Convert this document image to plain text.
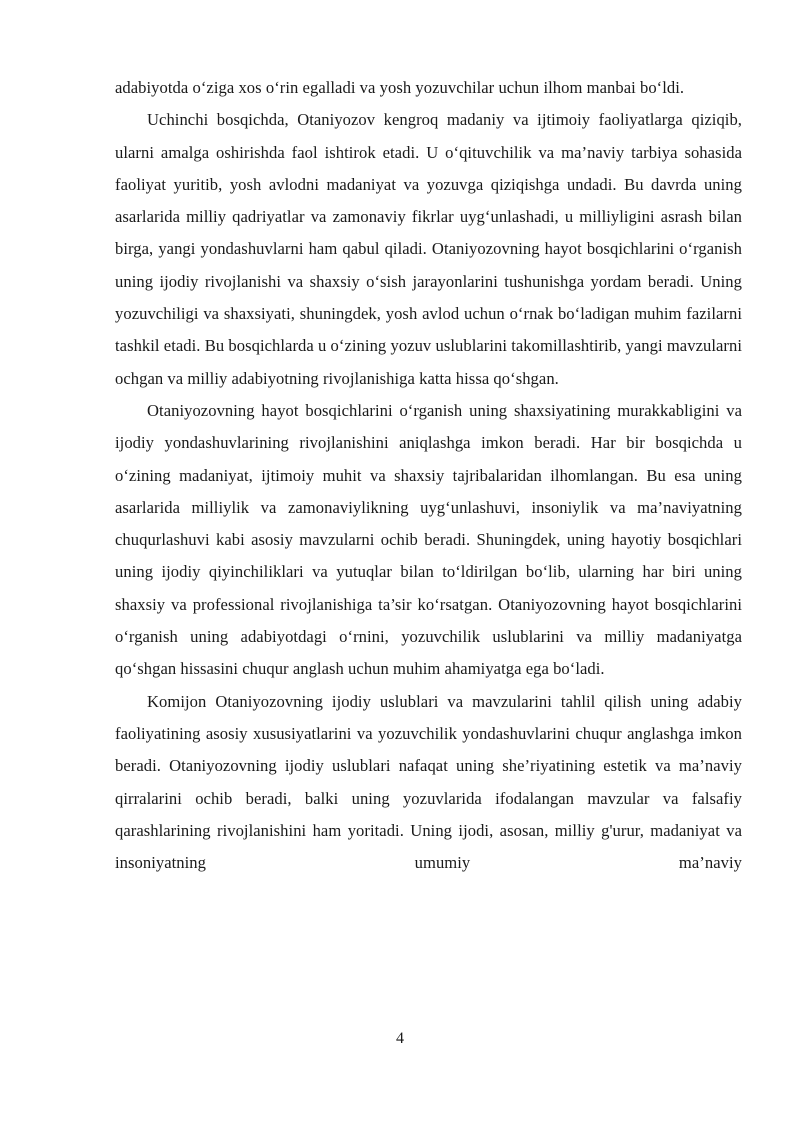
adabiyotda o‘ziga xos o‘rin egalladi va yosh yozuvchilar uchun ilhom manbai bo‘ldi.

Uchinchi bosqichda, Otaniyozov kengroq madaniy va ijtimoiy faoliyatlarga qiziqib, ularni amalga oshirishda faol ishtirok etadi. U o‘qituvchilik va ma’naviy tarbiya sohasida faoliyat yuritib, yosh avlodni madaniyat va yozuvga qiziqishga undadi. Bu davrda uning asarlarida milliy qadriyatlar va zamonaviy fikrlar uyg‘unlashadi, u milliyligini asrash bilan birga, yangi yondashuvlarni ham qabul qiladi. Otaniyozovning hayot bosqichlarini o‘rganish uning ijodiy rivojlanishi va shaxsiy o‘sish jarayonlarini tushunishga yordam beradi. Uning yozuvchiligi va shaxsiyati, shuningdek, yosh avlod uchun o‘rnak bo‘ladigan muhim fazilarni tashkil etadi. Bu bosqichlarda u o‘zining yozuv uslublarini takomillashtirib, yangi mavzularni ochgan va milliy adabiyotning rivojlanishiga katta hissa qo‘shgan.

Otaniyozovning hayot bosqichlarini o‘rganish uning shaxsiyatining murakkabligini va ijodiy yondashuvlarining rivojlanishini aniqlashga imkon beradi. Har bir bosqichda u o‘zining madaniyat, ijtimoiy muhit va shaxsiy tajribalaridan ilhomlangan. Bu esa uning asarlarida milliylik va zamonaviylikning uyg‘unlashuvi, insoniylik va ma’naviyatning chuqurlashuvi kabi asosiy mavzularni ochib beradi. Shuningdek, uning hayotiy bosqichlari uning ijodiy qiyinchiliklari va yutuqlar bilan to‘ldirilgan bo‘lib, ularning har biri uning shaxsiy va professional rivojlanishiga ta’sir ko‘rsatgan. Otaniyozovning hayot bosqichlarini o‘rganish uning adabiyotdagi o‘rnini, yozuvchilik uslublarini va milliy madaniyatga qo‘shgan hissasini chuqur anglash uchun muhim ahamiyatga ega bo‘ladi.

Komijon Otaniyozovning ijodiy uslublari va mavzularini tahlil qilish uning adabiy faoliyatining asosiy xususiyatlarini va yozuvchilik yondashuvlarini chuqur anglashga imkon beradi. Otaniyozovning ijodiy uslublari nafaqat uning she’riyatining estetik va ma’naviy qirralarini ochib beradi, balki uning yozuvlarida ifodalangan mavzular va falsafiy qarashlarining rivojlanishini ham yoritadi. Uning ijodi, asosan, milliy g'urur, madaniyat va insoniyatning umumiy ma’naviy

4
